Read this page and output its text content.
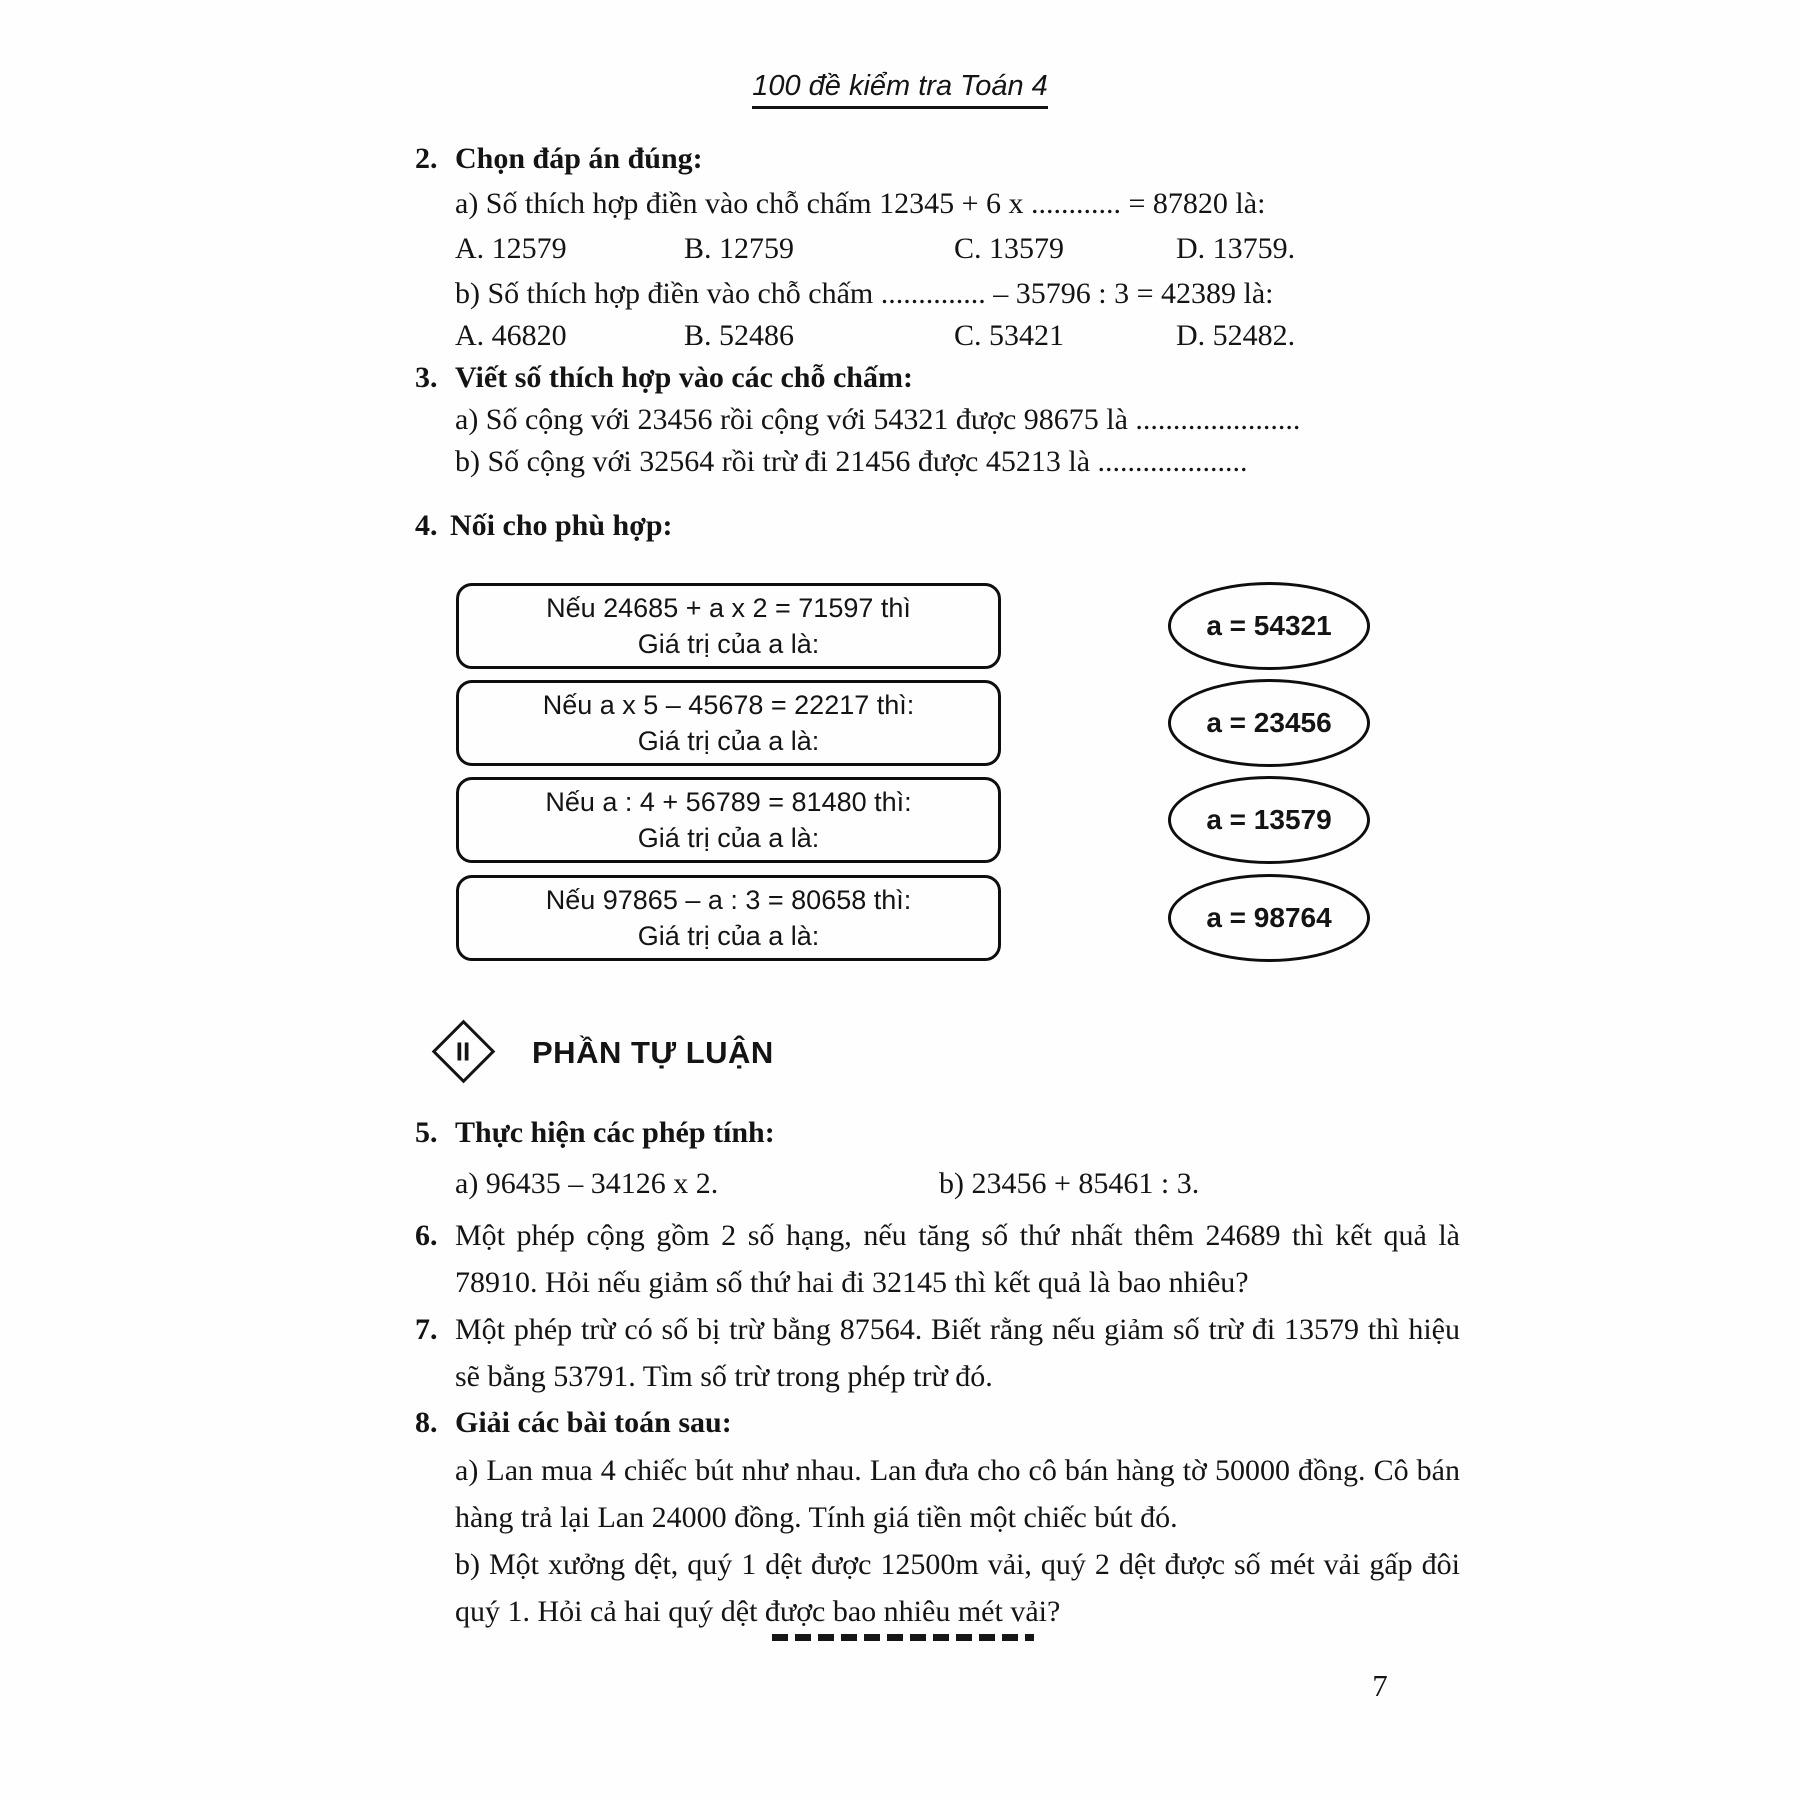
100 đề kiểm tra Toán 4
2. Chọn đáp án đúng:
a) Số thích hợp điền vào chỗ chấm 12345 + 6 x ............ = 87820 là:
A. 12579	B. 12759	C. 13579	D. 13759.
b) Số thích hợp điền vào chỗ chấm .............. – 35796 : 3 = 42389 là:
A. 46820	B. 52486	C. 53421	D. 52482.
3. Viết số thích hợp vào các chỗ chấm:
a) Số cộng với 23456 rồi cộng với 54321 được 98675 là ......................
b) Số cộng với 32564 rồi trừ đi 21456 được 45213 là ....................
4. Nối cho phù hợp:
Nếu 24685 + a x 2 = 71597 thì
Giá trị của a là:
Nếu a x 5 – 45678 = 22217 thì:
Giá trị của a là:
Nếu a : 4 + 56789 = 81480 thì:
Giá trị của a là:
Nếu 97865 – a : 3 = 80658 thì:
Giá trị của a là:
a = 54321
a = 23456
a = 13579
a = 98764
II PHẦN TỰ LUẬN
5. Thực hiện các phép tính:
a) 96435 – 34126 x 2.	b) 23456 + 85461 : 3.
6. Một phép cộng gồm 2 số hạng, nếu tăng số thứ nhất thêm 24689 thì kết quả là 78910. Hỏi nếu giảm số thứ hai đi 32145 thì kết quả là bao nhiêu?
7. Một phép trừ có số bị trừ bằng 87564. Biết rằng nếu giảm số trừ đi 13579 thì hiệu sẽ bằng 53791. Tìm số trừ trong phép trừ đó.
8. Giải các bài toán sau:
a) Lan mua 4 chiếc bút như nhau. Lan đưa cho cô bán hàng tờ 50000 đồng. Cô bán hàng trả lại Lan 24000 đồng. Tính giá tiền một chiếc bút đó.
b) Một xưởng dệt, quý 1 dệt được 12500m vải, quý 2 dệt được số mét vải gấp đôi quý 1. Hỏi cả hai quý dệt được bao nhiêu mét vải?
7
